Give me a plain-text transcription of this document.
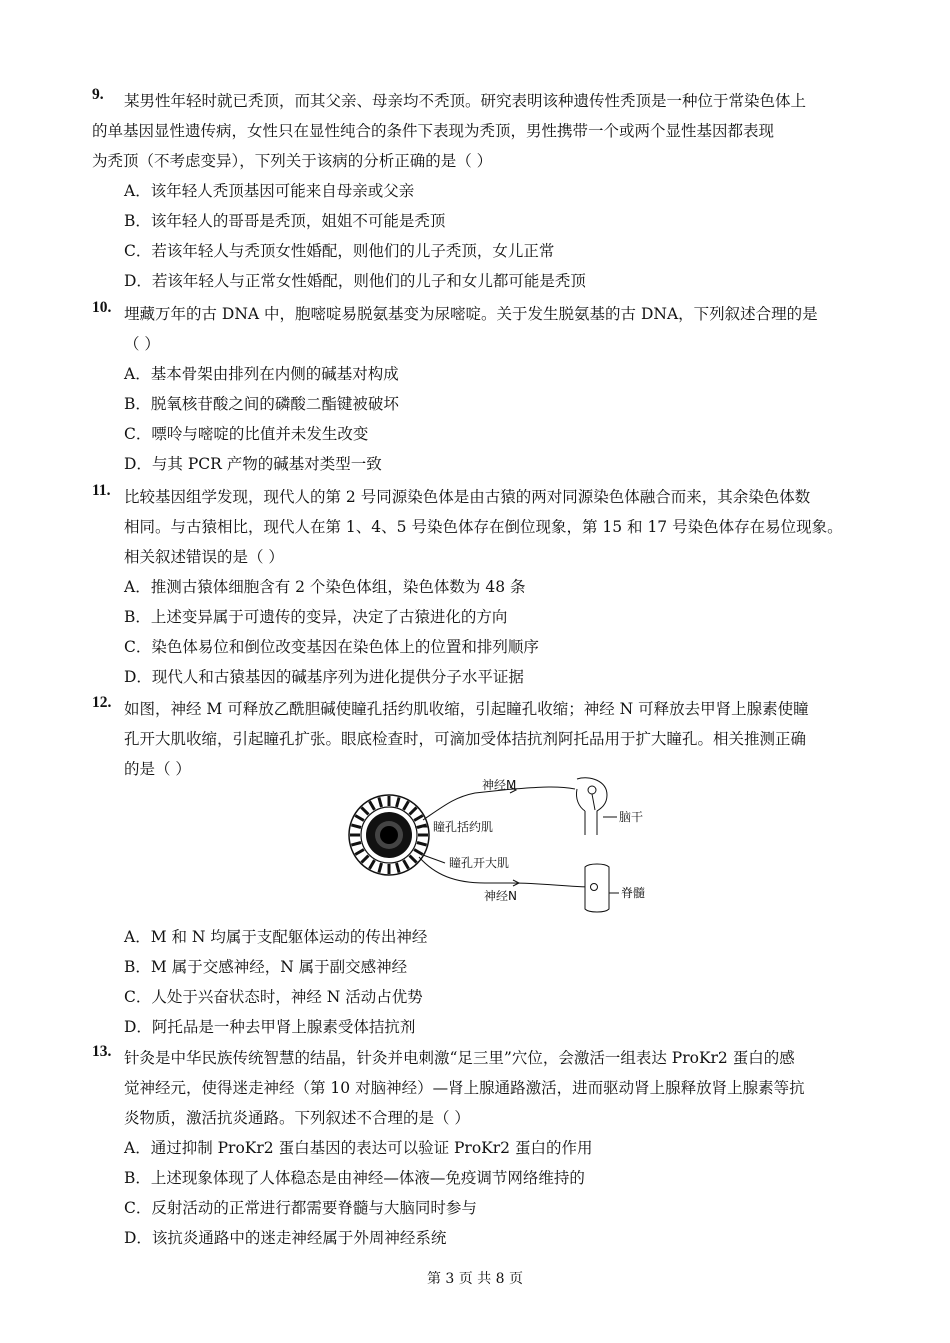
9. 某男性年轻时就已秃顶，而其父亲、母亲均不秃顶。研究表明该种遗传性秃顶是一种位于常染色体上
的单基因显性遗传病，女性只在显性纯合的条件下表现为秃顶，男性携带一个或两个显性基因都表现
为秃顶（不考虑变异），下列关于该病的分析正确的是（ ）
A．该年轻人秃顶基因可能来自母亲或父亲
B．该年轻人的哥哥是秃顶，姐姐不可能是秃顶
C．若该年轻人与秃顶女性婚配，则他们的儿子秃顶，女儿正常
D．若该年轻人与正常女性婚配，则他们的儿子和女儿都可能是秃顶
10. 埋藏万年的古 DNA 中，胞嘧啶易脱氨基变为尿嘧啶。关于发生脱氨基的古 DNA，下列叙述合理的是
（ ）
A．基本骨架由排列在内侧的碱基对构成
B．脱氧核苷酸之间的磷酸二酯键被破坏
C．嘌呤与嘧啶的比值并未发生改变
D．与其 PCR 产物的碱基对类型一致
11. 比较基因组学发现，现代人的第 2 号同源染色体是由古猿的两对同源染色体融合而来，其余染色体数
相同。与古猿相比，现代人在第 1、4、5 号染色体存在倒位现象，第 15 和 17 号染色体存在易位现象。
相关叙述错误的是（ ）
A．推测古猿体细胞含有 2 个染色体组，染色体数为 48 条
B．上述变异属于可遗传的变异，决定了古猿进化的方向
C．染色体易位和倒位改变基因在染色体上的位置和排列顺序
D．现代人和古猿基因的碱基序列为进化提供分子水平证据
12. 如图，神经 M 可释放乙酰胆碱使瞳孔括约肌收缩，引起瞳孔收缩；神经 N 可释放去甲肾上腺素使瞳
孔开大肌收缩，引起瞳孔扩张。眼底检查时，可滴加受体拮抗剂阿托品用于扩大瞳孔。相关推测正确
的是（ ）
神经M
脑干
瞳孔括约肌
瞳孔开大肌
神经N	脊髓
A．M 和 N 均属于支配躯体运动的传出神经
B．M 属于交感神经，N 属于副交感神经
C．人处于兴奋状态时，神经 N 活动占优势
D．阿托品是一种去甲肾上腺素受体拮抗剂
13. 针灸是中华民族传统智慧的结晶，针灸并电刺激“足三里”穴位，会激活一组表达 ProKr2 蛋白的感
觉神经元，使得迷走神经（第 10 对脑神经）—肾上腺通路激活，进而驱动肾上腺释放肾上腺素等抗
炎物质，激活抗炎通路。下列叙述不合理的是（ ）
A．通过抑制 ProKr2 蛋白基因的表达可以验证 ProKr2 蛋白的作用
B．上述现象体现了人体稳态是由神经—体液—免疫调节网络维持的
C．反射活动的正常进行都需要脊髓与大脑同时参与
D．该抗炎通路中的迷走神经属于外周神经系统
第 3 页 共 8 页
